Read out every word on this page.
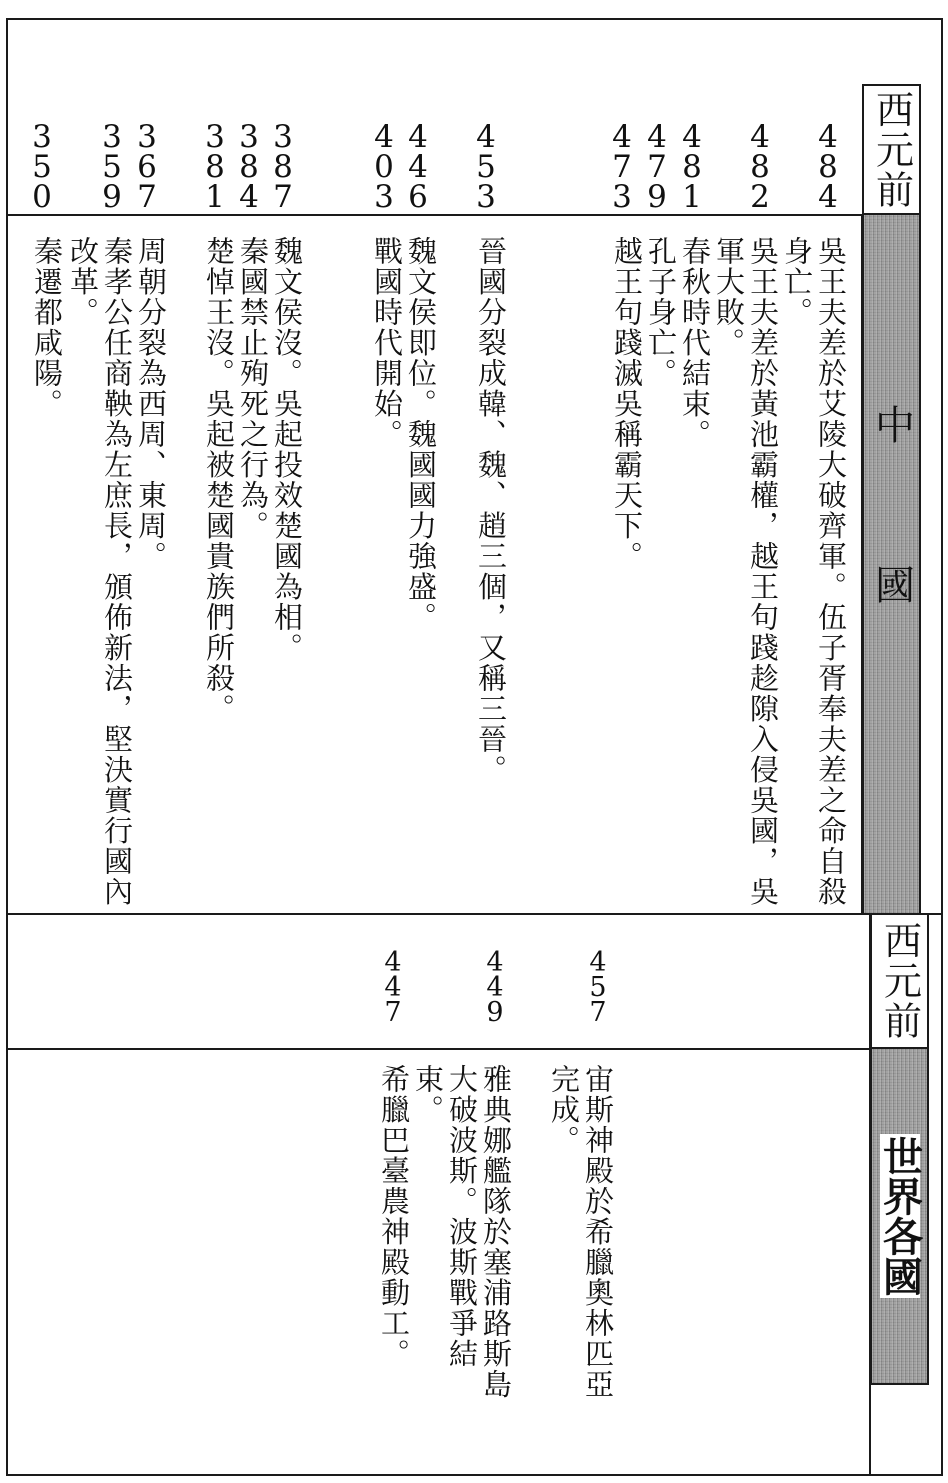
西元前
中國
西元前
世界各國
484
482
481
479
473
453
446
403
387
384
381
367
359
350
吳王夫差於艾陵大破齊軍。伍子胥奉夫差之命自殺
身亡。
吳王夫差於黃池霸權，越王句踐趁隙入侵吳國，吳
軍大敗。
春秋時代結束。
孔子身亡。
越王句踐滅吳稱霸天下。
晉國分裂成韓、魏、趙三個，又稱三晉。
魏文侯即位。魏國國力強盛。
戰國時代開始。
魏文侯沒。吳起投效楚國為相。
秦國禁止殉死之行為。
楚悼王沒。吳起被楚國貴族們所殺。
周朝分裂為西周、東周。
秦孝公任商鞅為左庶長，頒佈新法，堅決實行國內
改革。
秦遷都咸陽。
457
449
447
宙斯神殿於希臘奧林匹亞
完成。
雅典娜艦隊於塞浦路斯島
大破波斯。波斯戰爭結
束。
希臘巴臺農神殿動工。
